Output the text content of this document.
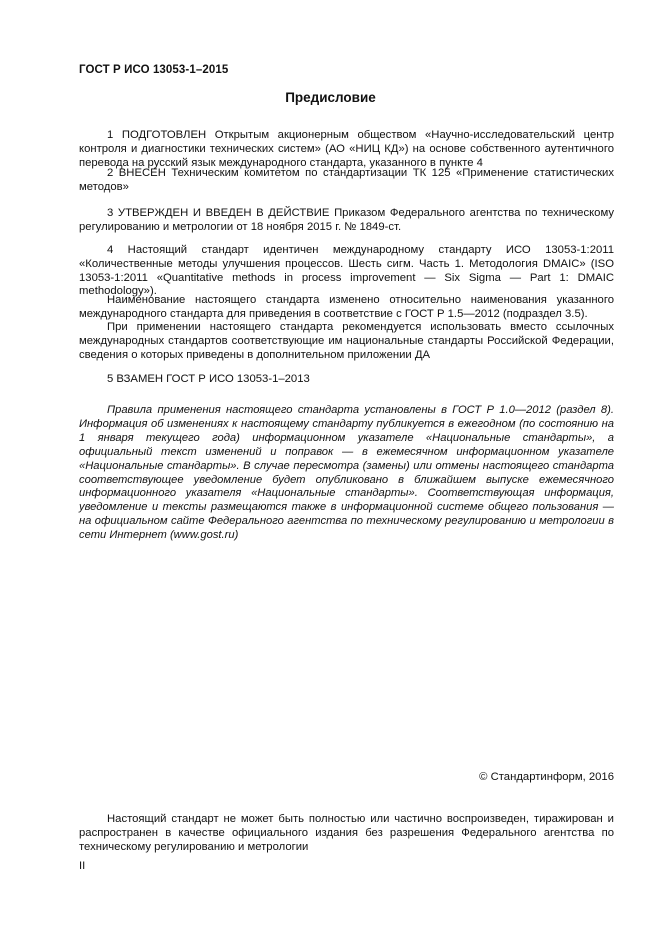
ГОСТ Р ИСО 13053-1–2015
Предисловие

1 ПОДГОТОВЛЕН Открытым акционерным обществом «Научно-исследовательский центр контроля и диагностики технических систем» (АО «НИЦ КД») на основе собственного аутентичного перевода на русский язык международного стандарта, указанного в пункте 4

2 ВНЕСЕН Техническим комитетом по стандартизации ТК 125 «Применение статистических методов»

3 УТВЕРЖДЕН И ВВЕДЕН В ДЕЙСТВИЕ Приказом Федерального агентства по техническому регулированию и метрологии от 18 ноября 2015 г. № 1849-ст.

4 Настоящий стандарт идентичен международному стандарту ИСО 13053-1:2011 «Количественные методы улучшения процессов. Шесть сигм. Часть 1. Методология DMAIC» (ISO 13053-1:2011 «Quantitative methods in process improvement — Six Sigma — Part 1: DMAIC methodology»).

Наименование настоящего стандарта изменено относительно наименования указанного международного стандарта для приведения в соответствие с ГОСТ Р 1.5—2012 (подраздел 3.5).

При применении настоящего стандарта рекомендуется использовать вместо ссылочных международных стандартов соответствующие им национальные стандарты Российской Федерации, сведения о которых приведены в дополнительном приложении ДА

5 ВЗАМЕН ГОСТ Р ИСО 13053-1–2013

Правила применения настоящего стандарта установлены в ГОСТ Р 1.0—2012 (раздел 8). Информация об изменениях к настоящему стандарту публикуется в ежегодном (по состоянию на 1 января текущего года) информационном указателе «Национальные стандарты», а официальный текст изменений и поправок — в ежемесячном информационном указателе «Национальные стандарты». В случае пересмотра (замены) или отмены настоящего стандарта соответствующее уведомление будет опубликовано в ближайшем выпуске ежемесячного информационного указателя «Национальные стандарты». Соответствующая информация, уведомление и тексты размещаются также в информационной системе общего пользования — на официальном сайте Федерального агентства по техническому регулированию и метрологии в сети Интернет (www.gost.ru)

© Стандартинформ, 2016

Настоящий стандарт не может быть полностью или частично воспроизведен, тиражирован и распространен в качестве официального издания без разрешения Федерального агентства по техническому регулированию и метрологии

II
